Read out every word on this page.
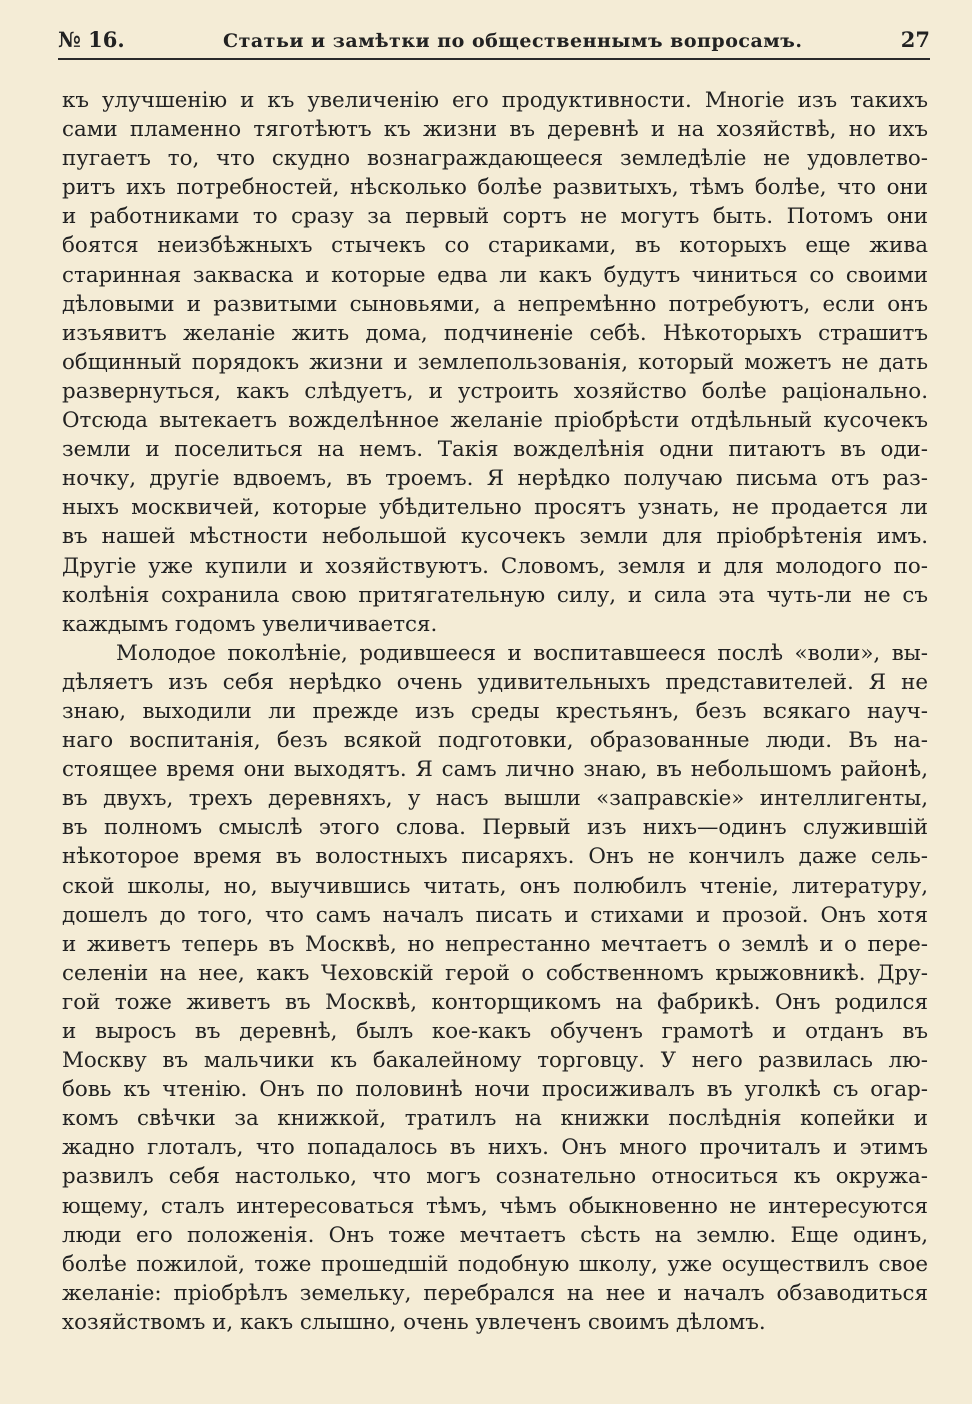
№ 16.	Статьи и замѣтки по общественнымъ вопросамъ.	27

къ улучшенію и къ увеличенію его продуктивности. Многіе изъ такихъ
сами пламенно тяготѣютъ къ жизни въ деревнѣ и на хозяйствѣ, но ихъ
пугаетъ то, что скудно вознаграждающееся земледѣліе не удовлетво-
ритъ ихъ потребностей, нѣсколько болѣе развитыхъ, тѣмъ болѣе, что они
и работниками то сразу за первый сортъ не могутъ быть. Потомъ они
боятся неизбѣжныхъ стычекъ со стариками, въ которыхъ еще жива
старинная закваска и которые едва ли какъ будутъ чиниться со своими
дѣловыми и развитыми сыновьями, а непремѣнно потребуютъ, если онъ
изъявитъ желаніе жить дома, подчиненіе себѣ. Нѣкоторыхъ страшитъ
общинный порядокъ жизни и землепользованія, который можетъ не дать
развернуться, какъ слѣдуетъ, и устроить хозяйство болѣе раціонально.
Отсюда вытекаетъ вожделѣнное желаніе пріобрѣсти отдѣльный кусочекъ
земли и поселиться на немъ. Такія вожделѣнія одни питаютъ въ оди-
ночку, другіе вдвоемъ, въ троемъ. Я нерѣдко получаю письма отъ раз-
ныхъ москвичей, которые убѣдительно просятъ узнать, не продается ли
въ нашей мѣстности небольшой кусочекъ земли для пріобрѣтенія имъ.
Другіе уже купили и хозяйствуютъ. Словомъ, земля и для молодого по-
колѣнія сохранила свою притягательную силу, и сила эта чуть-ли не съ
каждымъ годомъ увеличивается.

Молодое поколѣніе, родившееся и воспитавшееся послѣ «воли», вы-
дѣляетъ изъ себя нерѣдко очень удивительныхъ представителей. Я не
знаю, выходили ли прежде изъ среды крестьянъ, безъ всякаго науч-
наго воспитанія, безъ всякой подготовки, образованные люди. Въ на-
стоящее время они выходятъ. Я самъ лично знаю, въ небольшомъ районѣ,
въ двухъ, трехъ деревняхъ, у насъ вышли «заправскіе» интеллигенты,
въ полномъ смыслѣ этого слова. Первый изъ нихъ—одинъ служившій
нѣкоторое время въ волостныхъ писаряхъ. Онъ не кончилъ даже сель-
ской школы, но, выучившись читать, онъ полюбилъ чтеніе, литературу,
дошелъ до того, что самъ началъ писать и стихами и прозой. Онъ хотя
и живетъ теперь въ Москвѣ, но непрестанно мечтаетъ о землѣ и о пере-
селеніи на нее, какъ Чеховскій герой о собственномъ крыжовникѣ. Дру-
гой тоже живетъ въ Москвѣ, конторщикомъ на фабрикѣ. Онъ родился
и выросъ въ деревнѣ, былъ кое-какъ обученъ грамотѣ и отданъ въ
Москву въ мальчики къ бакалейному торговцу. У него развилась лю-
бовь къ чтенію. Онъ по половинѣ ночи просиживалъ въ уголкѣ съ огар-
комъ свѣчки за книжкой, тратилъ на книжки послѣднія копейки и
жадно глоталъ, что попадалось въ нихъ. Онъ много прочиталъ и этимъ
развилъ себя настолько, что могъ сознательно относиться къ окружа-
ющему, сталъ интересоваться тѣмъ, чѣмъ обыкновенно не интересуются
люди его положенія. Онъ тоже мечтаетъ сѣсть на землю. Еще одинъ,
болѣе пожилой, тоже прошедшій подобную школу, уже осуществилъ свое
желаніе: пріобрѣлъ земельку, перебрался на нее и началъ обзаводиться
хозяйствомъ и, какъ слышно, очень увлеченъ своимъ дѣломъ.
